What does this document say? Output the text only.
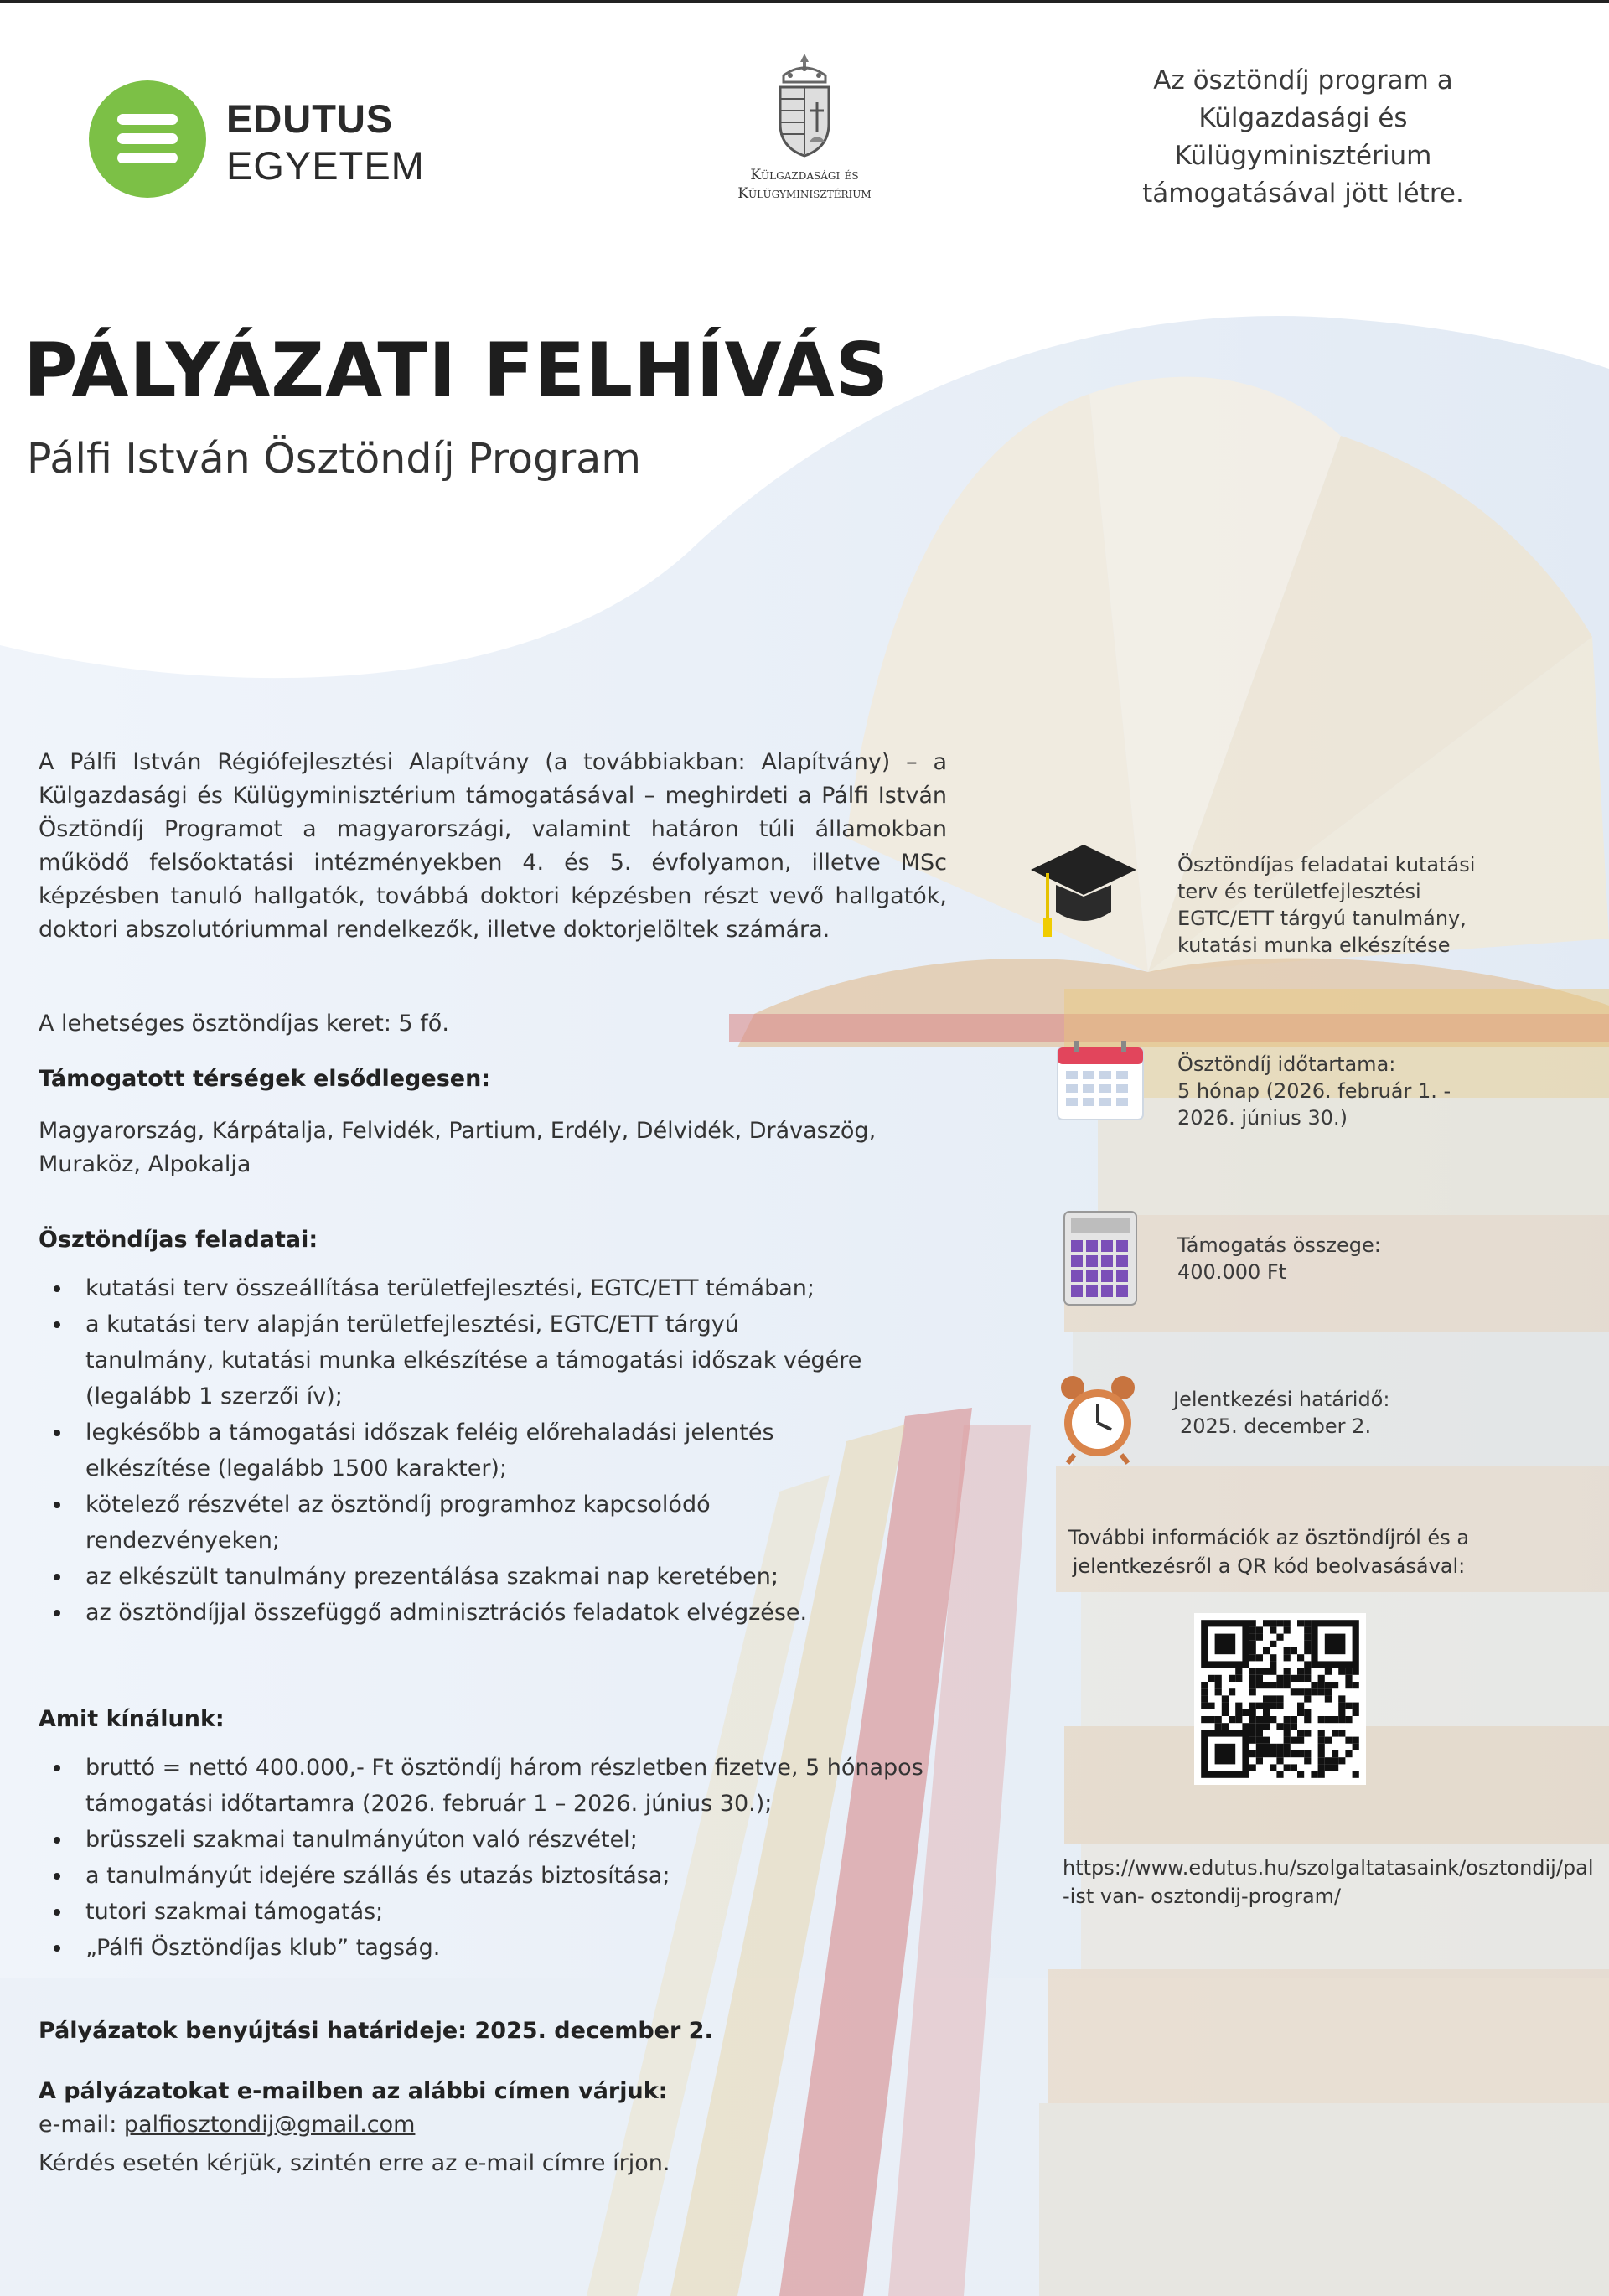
EDUTUS
EGYETEM	Külgazdasági és
Külügyminisztérium
Az ösztöndíj program a Külgazdasági és Külügyminisztérium támogatásával jött létre.
PÁLYÁZATI FELHÍVÁS
Pálfi István Ösztöndíj Program
A Pálfi István Régiófejlesztési Alapítvány (a továbbiakban: Alapítvány) – a Külgazdasági és Külügyminisztérium támogatásával – meghirdeti a Pálfi István Ösztöndíj Programot a magyarországi, valamint határon túli államokban működő felsőoktatási intézményekben 4. és 5. évfolyamon, illetve MSc képzésben tanuló hallgatók, továbbá doktori képzésben részt vevő hallgatók, doktori abszolutóriummal rendelkezők, illetve doktorjelöltek számára.
A lehetséges ösztöndíjas keret: 5 fő.
Támogatott térségek elsődlegesen:
Magyarország, Kárpátalja, Felvidék, Partium, Erdély, Délvidék, Drávaszög, Muraköz, Alpokalja
Ösztöndíjas feladatai:
kutatási terv összeállítása területfejlesztési, EGTC/ETT témában;
a kutatási terv alapján területfejlesztési, EGTC/ETT tárgyú tanulmány, kutatási munka elkészítése a támogatási időszak végére (legalább 1 szerzői ív);
legkésőbb a támogatási időszak feléig előrehaladási jelentés elkészítése (legalább 1500 karakter);
kötelező részvétel az ösztöndíj programhoz kapcsolódó rendezvényeken;
az elkészült tanulmány prezentálása szakmai nap keretében;
az ösztöndíjjal összefüggő adminisztrációs feladatok elvégzése.
Amit kínálunk:
bruttó = nettó 400.000,- Ft ösztöndíj három részletben fizetve, 5 hónapos támogatási időtartamra (2026. február 1 – 2026. június 30.);
brüsszeli szakmai tanulmányúton való részvétel;
a tanulmányút idejére szállás és utazás biztosítása;
tutori szakmai támogatás;
„Pálfi Ösztöndíjas klub” tagság.
Pályázatok benyújtási határideje: 2025. december 2.
A pályázatokat e-mailben az alábbi címen várjuk:
e-mail: palfiosztondij@gmail.com
Kérdés esetén kérjük, szintén erre az e-mail címre írjon.
Ösztöndíjas feladatai kutatási terv és területfejlesztési EGTC/ETT tárgyú tanulmány, kutatási munka elkészítése
Ösztöndíj időtartama:
5 hónap (2026. február 1. - 2026. június 30.)
Támogatás összege:
400.000 Ft
Jelentkezési határidő:
2025. december 2.
További információk az ösztöndíjról és a jelentkezésről a QR kód beolvasásával:
https://www.edutus.hu/szolgaltatasaink/osztondij/pal -ist van- osztondij-program/
